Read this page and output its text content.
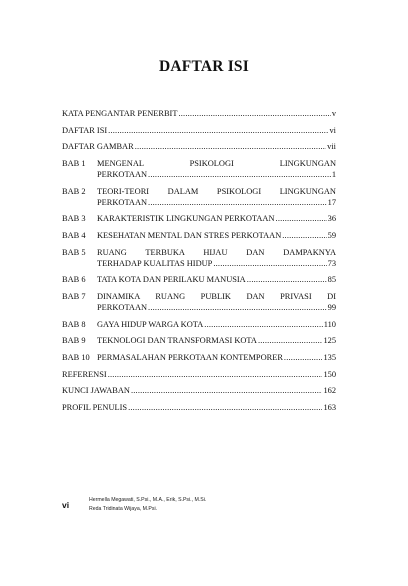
DAFTAR ISI
KATA PENGANTAR PENERBIT .....	v
DAFTAR ISI .....	vi
DAFTAR GAMBAR .....	vii
BAB 1	MENGENAL PSIKOLOGI LINGKUNGAN
PERKOTAAN .....	1
BAB 2	TEORI-TEORI DALAM PSIKOLOGI LINGKUNGAN
PERKOTAAN .....	17
BAB 3	KARAKTERISTIK LINGKUNGAN PERKOTAAN .....	36
BAB 4	KESEHATAN MENTAL DAN STRES PERKOTAAN .....	59
BAB 5	RUANG TERBUKA HIJAU DAN DAMPAKNYA
TERHADAP KUALITAS HIDUP .....	73
BAB 6	TATA KOTA DAN PERILAKU MANUSIA .....	85
BAB 7	DINAMIKA RUANG PUBLIK DAN PRIVASI DI
PERKOTAAN .....	99
BAB 8	GAYA HIDUP WARGA KOTA .....	110
BAB 9	TEKNOLOGI DAN TRANSFORMASI KOTA .....	125
BAB 10 PERMASALAHAN PERKOTAAN KONTEMPORER .....	135
REFERENSI .....	150
KUNCI JAWABAN .....	162
PROFIL PENULIS .....	163
vi	Hermella Megawati, S.Psi., M.A., Erik, S.Psi., M.Si.
Reda Tridinata Wijaya, M.Psi.
